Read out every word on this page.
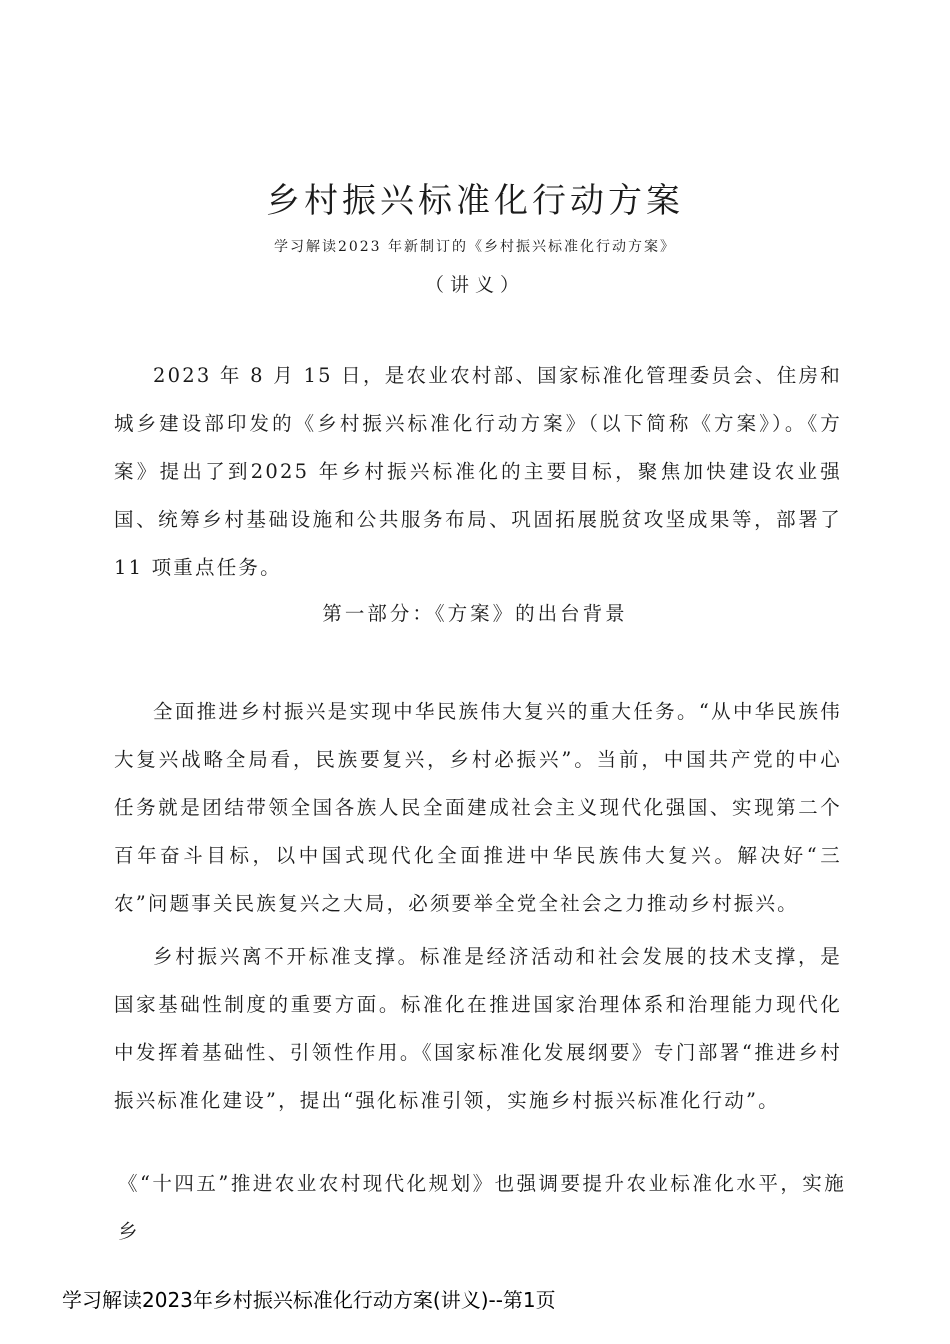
乡村振兴标准化行动方案
学习解读2023 年新制订的《乡村振兴标准化行动方案》
（讲义）

2023 年 8 月 15 日，是农业农村部、国家标准化管理委员会、住房和城乡建设部印发的《乡村振兴标准化行动方案》（以下简称《方案》）。《方案》提出了到2025 年乡村振兴标准化的主要目标，聚焦加快建设农业强国、统筹乡村基础设施和公共服务布局、巩固拓展脱贫攻坚成果等，部署了11 项重点任务。

第一部分：《方案》的出台背景

全面推进乡村振兴是实现中华民族伟大复兴的重大任务。“从中华民族伟大复兴战略全局看，民族要复兴，乡村必振兴”。当前，中国共产党的中心任务就是团结带领全国各族人民全面建成社会主义现代化强国、实现第二个百年奋斗目标，以中国式现代化全面推进中华民族伟大复兴。解决好“三农”问题事关民族复兴之大局，必须要举全党全社会之力推动乡村振兴。

乡村振兴离不开标准支撑。标准是经济活动和社会发展的技术支撑，是国家基础性制度的重要方面。标准化在推进国家治理体系和治理能力现代化中发挥着基础性、引领性作用。《国家标准化发展纲要》专门部署“推进乡村振兴标准化建设”，提出“强化标准引领，实施乡村振兴标准化行动”。

《“十四五”推进农业农村现代化规划》也强调要提升农业标准化水平，实施乡

学习解读2023年乡村振兴标准化行动方案(讲义)--第1页
